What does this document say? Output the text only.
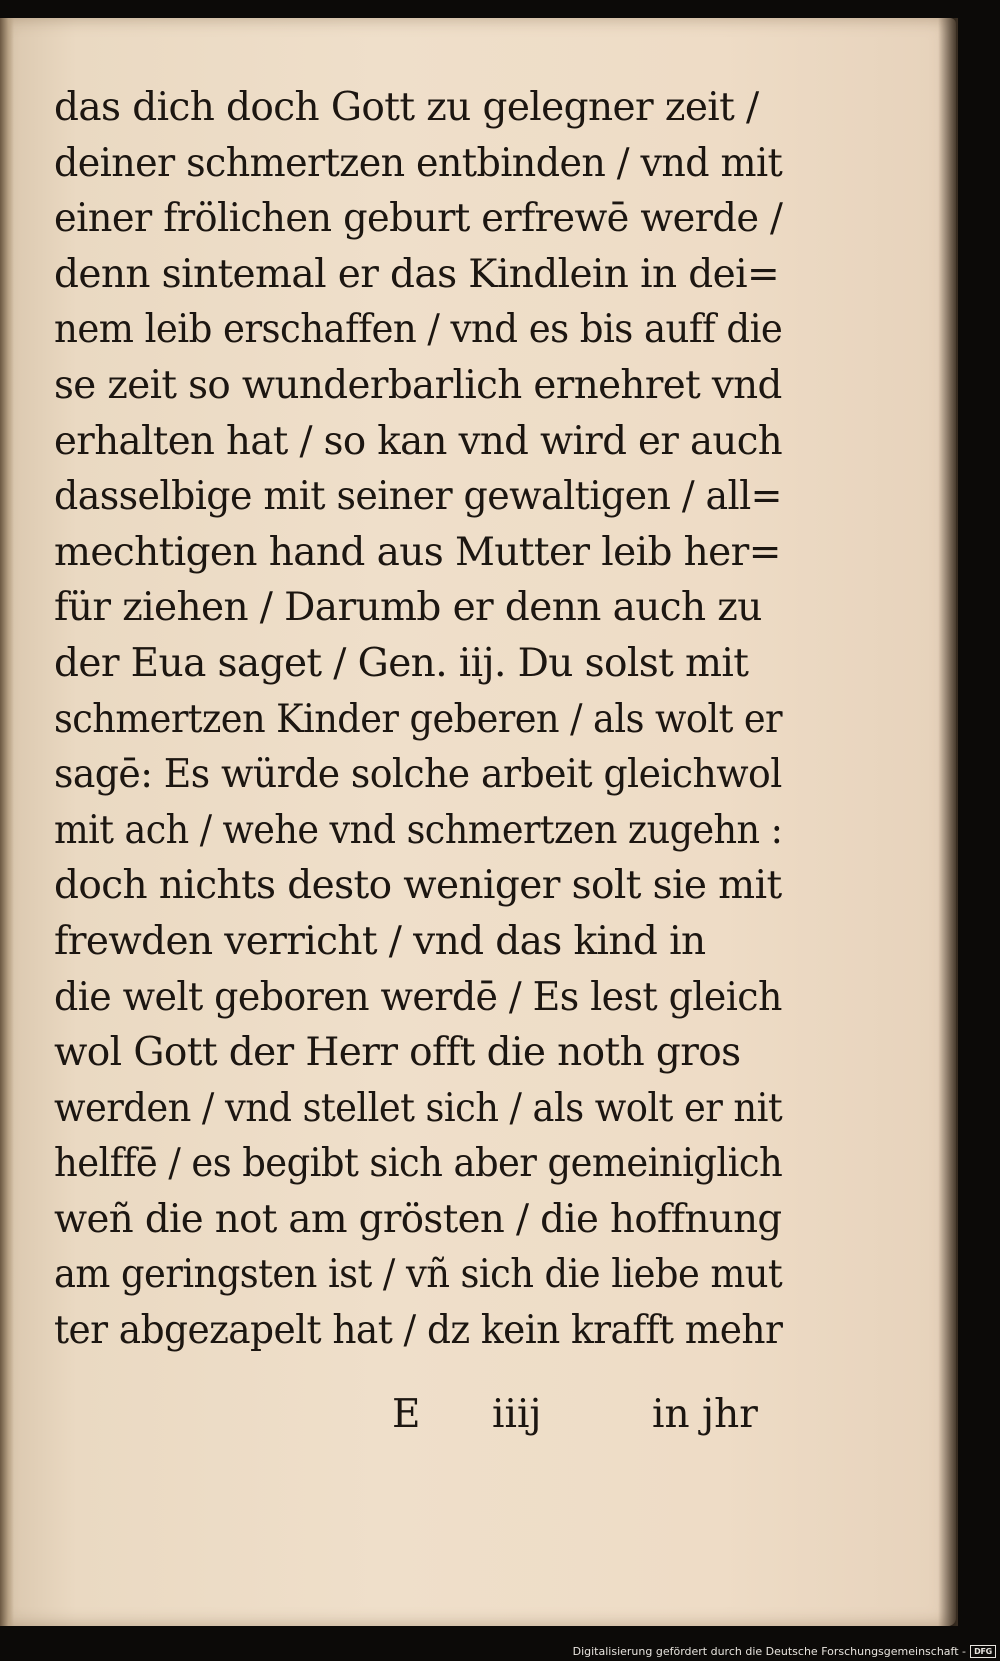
das dich doch Gott zu gelegner zeit /
deiner schmertzen entbinden / vnd mit
einer frölichen geburt erfrewē werde /
denn sintemal er das Kindlein in dei=
nem leib erschaffen / vnd es bis auff die
se zeit so wunderbarlich ernehret vnd
erhalten hat / so kan vnd wird er auch
dasselbige mit seiner gewaltigen / all=
mechtigen hand aus Mutter leib her=
für ziehen / Darumb er denn auch zu
der Eua saget / Gen. iij. Du solst mit
schmertzen Kinder geberen / als wolt er
sagē: Es würde solche arbeit gleichwol
mit ach / wehe vnd schmertzen zugehn :
doch nichts desto weniger solt sie mit
frewden verricht / vnd das kind in
die welt geboren werdē / Es lest gleich
wol Gott der Herr offt die noth gros
werden / vnd stellet sich / als wolt er nit
helffē / es begibt sich aber gemeiniglich
weñ die not am grösten / die hoffnung
am geringsten ist / vñ sich die liebe mut
ter abgezapelt hat / dz kein krafft mehr
E iiij	in jhr
Digitalisierung gefördert durch die Deutsche Forschungsgemeinschaft -	DFG
